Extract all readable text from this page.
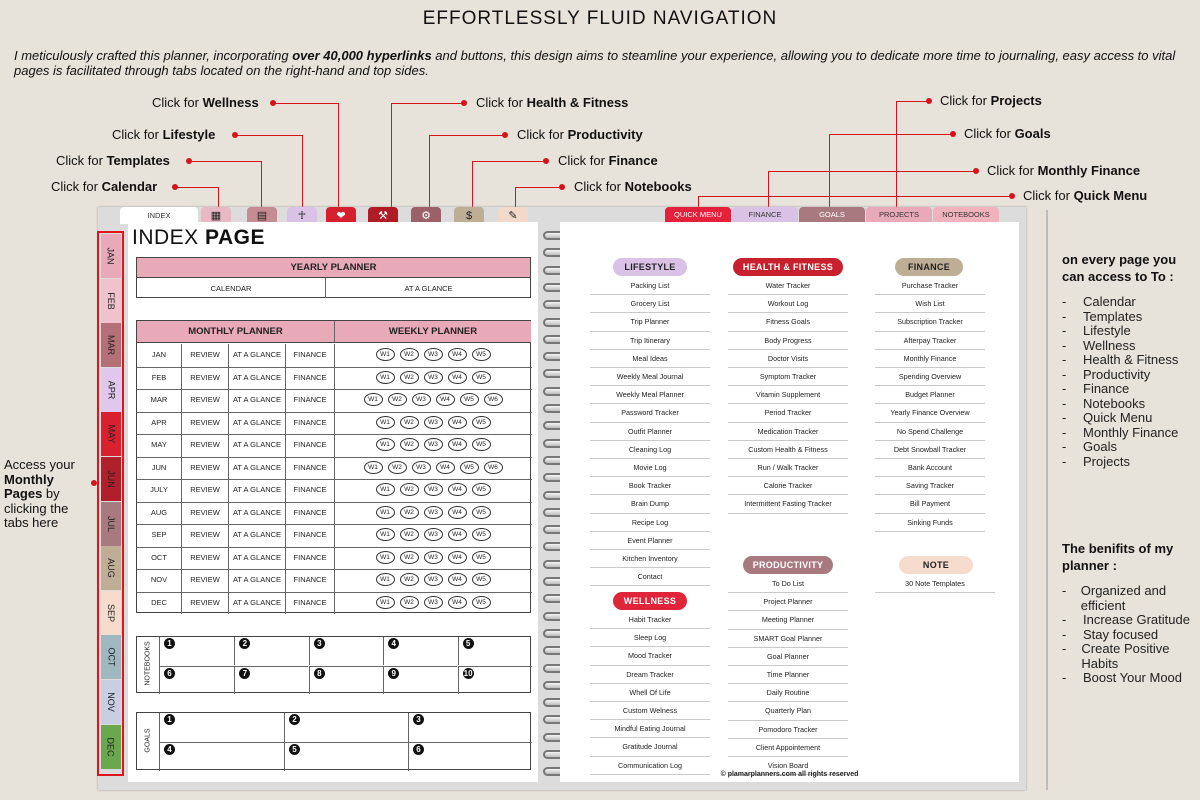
EFFORTLESSLY FLUID NAVIGATION
I meticulously crafted this planner, incorporating over 40,000 hyperlinks and buttons, this design aims to steamline your experience, allowing you to dedicate more time to journaling, easy access to vital pages is facilitated through tabs located on the right-hand and top sides.
Click for Wellness
Click for Lifestyle
Click for Templates
Click for Calendar
Click for Health & Fitness
Click for Productivity
Click for Finance
Click for Notebooks
Click for Projects
Click for Goals
Click for Monthly Finance
Click for Quick Menu
Access your Monthly Pages by clicking the tabs here
INDEX	▦	▤	☥	❤	⚒	⚙	$	✎	QUICK MENU	FINANCE	GOALS	PROJECTS	NOTEBOOKS
JAN
FEB
MAR
APR
MAY
JUN
JUL
AUG
SEP
OCT
NOV
DEC
INDEX PAGE
YEARLY PLANNER
CALENDAR	AT A GLANCE
MONTHLY PLANNER	WEEKLY PLANNER
JAN	REVIEW	AT A GLANCE	FINANCE	W1 W2 W3 W4 W5
FEB	REVIEW	AT A GLANCE	FINANCE	W1 W2 W3 W4 W5
MAR	REVIEW	AT A GLANCE	FINANCE	W1 W2 W3 W4 W5 W6
APR	REVIEW	AT A GLANCE	FINANCE	W1 W2 W3 W4 W5
MAY	REVIEW	AT A GLANCE	FINANCE	W1 W2 W3 W4 W5
JUN	REVIEW	AT A GLANCE	FINANCE	W1 W2 W3 W4 W5 W6
JULY	REVIEW	AT A GLANCE	FINANCE	W1 W2 W3 W4 W5
AUG	REVIEW	AT A GLANCE	FINANCE	W1 W2 W3 W4 W5
SEP	REVIEW	AT A GLANCE	FINANCE	W1 W2 W3 W4 W5
OCT	REVIEW	AT A GLANCE	FINANCE	W1 W2 W3 W4 W5
NOV	REVIEW	AT A GLANCE	FINANCE	W1 W2 W3 W4 W5
DEC	REVIEW	AT A GLANCE	FINANCE	W1 W2 W3 W4 W5
NOTEBOOKS	1	2	3	4	5
6	7	8	9	10
GOALS
1	2	3
4	5	6
LIFESTYLE
Packing List
Grocery List
Trip Planner
Trip Itinerary
Meal Ideas
Weekly Meal Journal
Weekly Meal Planner
Password Tracker
Outfit Planner
Cleaning Log
Movie Log
Book Tracker
Brain Dump
Recipe Log
Event Planner
Kitchen Inventory
Contact
WELLNESS
Habit Tracker
Sleep Log
Mood Tracker
Dream Tracker
Whell Of Life
Custom Welness
Mindful Eating Journal
Gratitude Journal
Communication Log
HEALTH & FITNESS
Water Tracker
Workout Log
Fitness Goals
Body Progress
Doctor Visits
Symptom Tracker
Vitamin Supplement
Period Tracker
Medication Tracker
Custom Health & Fitness
Run / Walk Tracker
Calorie Tracker
Intermittent Fasting Tracker
PRODUCTIVITY
To Do List
Project Planner
Meeting Planner
SMART Goal Planner
Goal Planner
Time Planner
Daily Routine
Quarterly Plan
Pomodoro Tracker
Client Appointement
Vision Board
FINANCE
Purchase Tracker
Wish List
Subscription Tracker
Afterpay Tracker
Monthly Finance
Spending Overview
Budget Planner
Yearly Finance Overview
No Spend Challenge
Debt Snowball Tracker
Bank Account
Saving Tracker
Bill Payment
Sinking Funds
NOTE
30 Note Templates
© plamarplanners.com all rights reserved
on every page you can access to To :
-	Calendar
-	Templates
-	Lifestyle
-	Wellness
-	Health & Fitness
-	Productivity
-	Finance
-	Notebooks
-	Quick Menu
-	Monthly Finance
-	Goals
-	Projects
The benifits of my planner :
-	Organized and efficient
-	Increase Gratitude
-	Stay focused
-	Create Positive Habits
-	Boost Your Mood
